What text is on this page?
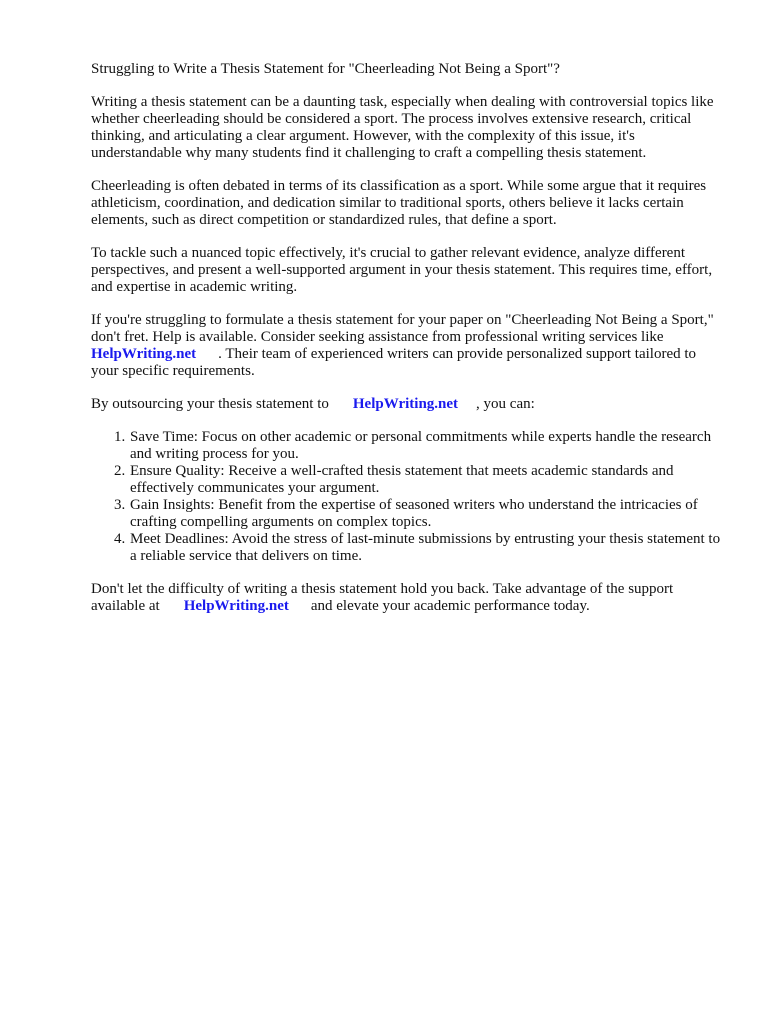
Struggling to Write a Thesis Statement for "Cheerleading Not Being a Sport"?

Writing a thesis statement can be a daunting task, especially when dealing with controversial topics like whether cheerleading should be considered a sport. The process involves extensive research, critical thinking, and articulating a clear argument. However, with the complexity of this issue, it's understandable why many students find it challenging to craft a compelling thesis statement.

Cheerleading is often debated in terms of its classification as a sport. While some argue that it requires athleticism, coordination, and dedication similar to traditional sports, others believe it lacks certain elements, such as direct competition or standardized rules, that define a sport.

To tackle such a nuanced topic effectively, it's crucial to gather relevant evidence, analyze different perspectives, and present a well-supported argument in your thesis statement. This requires time, effort, and expertise in academic writing.

If you're struggling to formulate a thesis statement for your paper on "Cheerleading Not Being a Sport," don't fret. Help is available. Consider seeking assistance from professional writing services likeHelpWriting.net . Their team of experienced writers can provide personalized support tailored to your specific requirements.

By outsourcing your thesis statement to HelpWriting.net , you can:

1. Save Time: Focus on other academic or personal commitments while experts handle the research and writing process for you.
2. Ensure Quality: Receive a well-crafted thesis statement that meets academic standards and effectively communicates your argument.
3. Gain Insights: Benefit from the expertise of seasoned writers who understand the intricacies of crafting compelling arguments on complex topics.
4. Meet Deadlines: Avoid the stress of last-minute submissions by entrusting your thesis statement to a reliable service that delivers on time.

Don't let the difficulty of writing a thesis statement hold you back. Take advantage of the support available at HelpWriting.net and elevate your academic performance today.
